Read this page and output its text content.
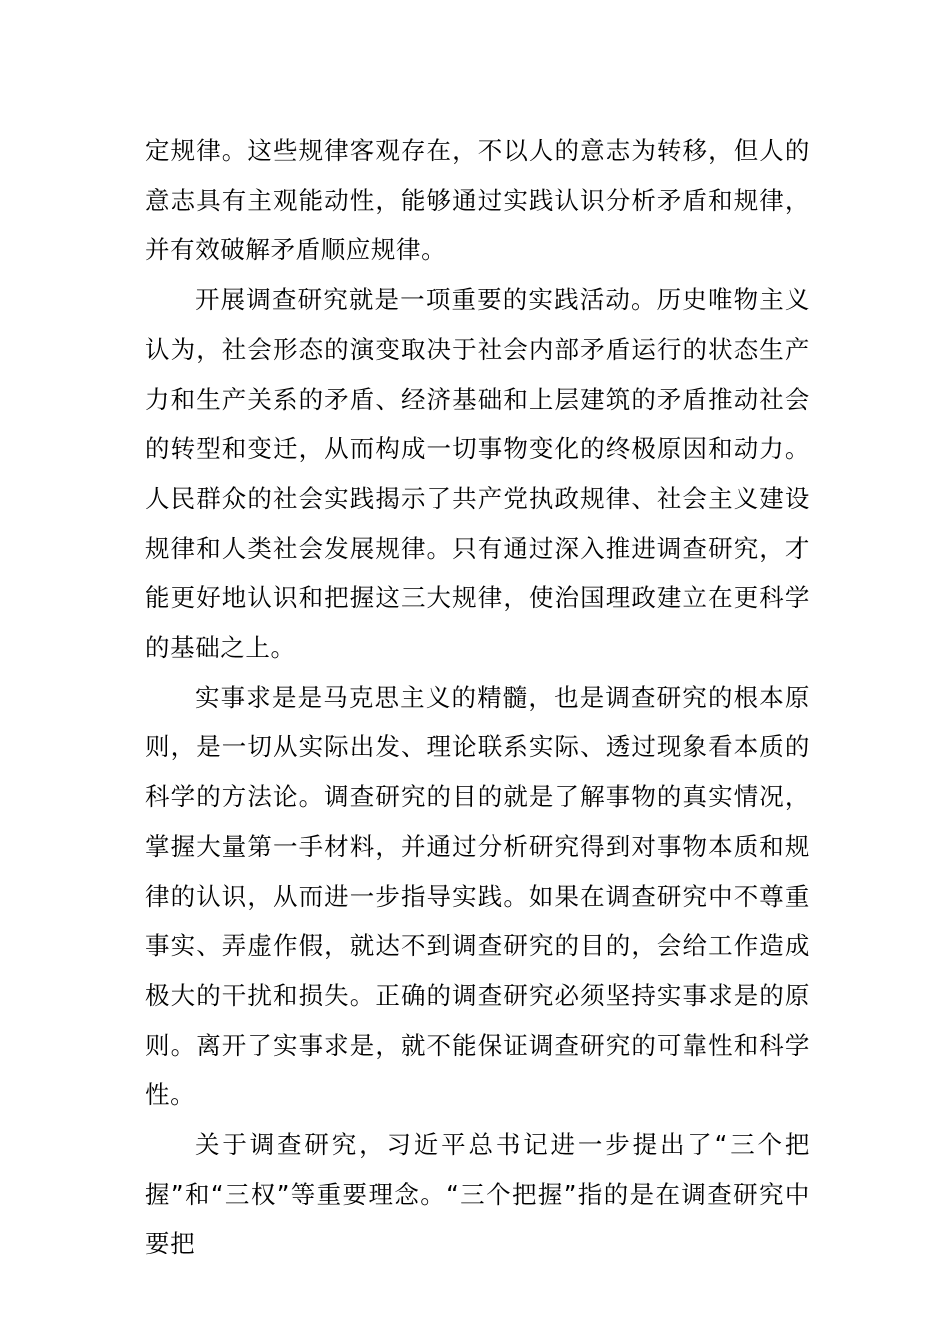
定规律。这些规律客观存在，不以人的意志为转移，但人的意志具有主观能动性，能够通过实践认识分析矛盾和规律，并有效破解矛盾顺应规律。

开展调查研究就是一项重要的实践活动。历史唯物主义认为，社会形态的演变取决于社会内部矛盾运行的状态生产力和生产关系的矛盾、经济基础和上层建筑的矛盾推动社会的转型和变迁，从而构成一切事物变化的终极原因和动力。人民群众的社会实践揭示了共产党执政规律、社会主义建设规律和人类社会发展规律。只有通过深入推进调查研究，才能更好地认识和把握这三大规律，使治国理政建立在更科学的基础之上。

实事求是是马克思主义的精髓，也是调查研究的根本原则，是一切从实际出发、理论联系实际、透过现象看本质的科学的方法论。调查研究的目的就是了解事物的真实情况，掌握大量第一手材料，并通过分析研究得到对事物本质和规律的认识，从而进一步指导实践。如果在调查研究中不尊重事实、弄虚作假，就达不到调查研究的目的，会给工作造成极大的干扰和损失。正确的调查研究必须坚持实事求是的原则。离开了实事求是，就不能保证调查研究的可靠性和科学性。

关于调查研究，习近平总书记进一步提出了“三个把握”和“三权”等重要理念。“三个把握”指的是在调查研究中要把
